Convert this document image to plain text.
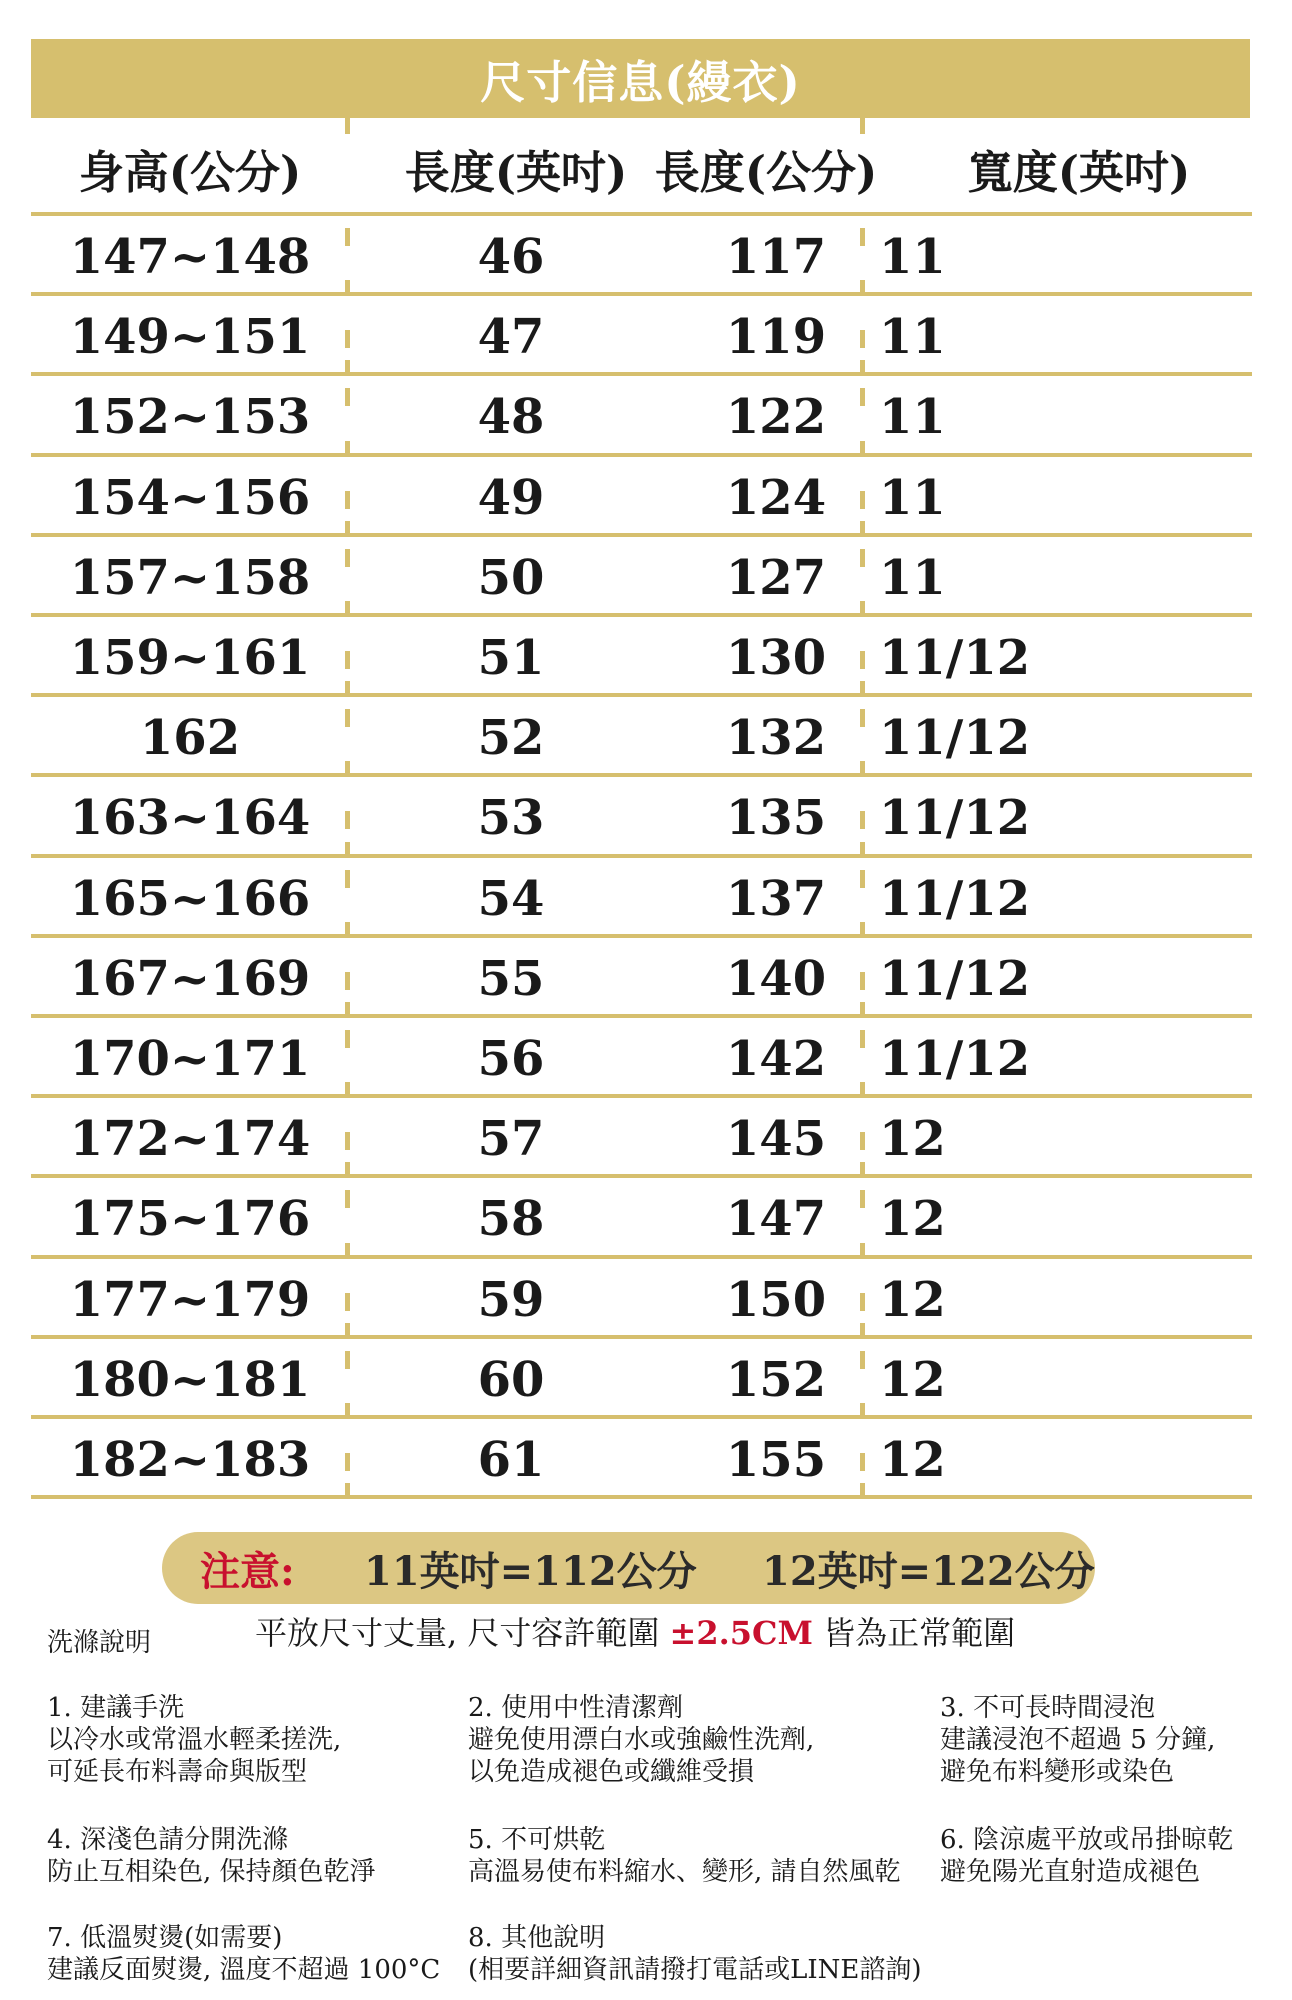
尺寸信息(縵衣)
身高(公分)	長度(英吋) 長度(公分)	寬度(英吋)
147~148	46	117	11
149~151	47	119	11
152~153	48	122	11
154~156	49	124	11
157~158	50	127	11
159~161	51	130	11/12
162	52	132	11/12
163~164	53	135	11/12
165~166	54	137	11/12
167~169	55	140	11/12
170~171	56	142	11/12
172~174	57	145	12
175~176	58	147	12
177~179	59	150	12
180~181	60	152	12
182~183	61	155	12
注意: 11英吋=112公分 12英吋=122公分
洗滌說明	平放尺寸丈量, 尺寸容許範圍 ±2.5CM 皆為正常範圍
1. 建議手洗
以冷水或常溫水輕柔搓洗,
可延長布料壽命與版型
2. 使用中性清潔劑
避免使用漂白水或強鹼性洗劑,
以免造成褪色或纖維受損
3. 不可長時間浸泡
建議浸泡不超過 5 分鐘,
避免布料變形或染色
4. 深淺色請分開洗滌
防止互相染色, 保持顏色乾淨
5. 不可烘乾
高溫易使布料縮水、變形, 請自然風乾
6. 陰涼處平放或吊掛晾乾
避免陽光直射造成褪色
7. 低溫熨燙(如需要)
建議反面熨燙, 溫度不超過 100°C
8. 其他說明
(相要詳細資訊請撥打電話或LINE諮詢)
